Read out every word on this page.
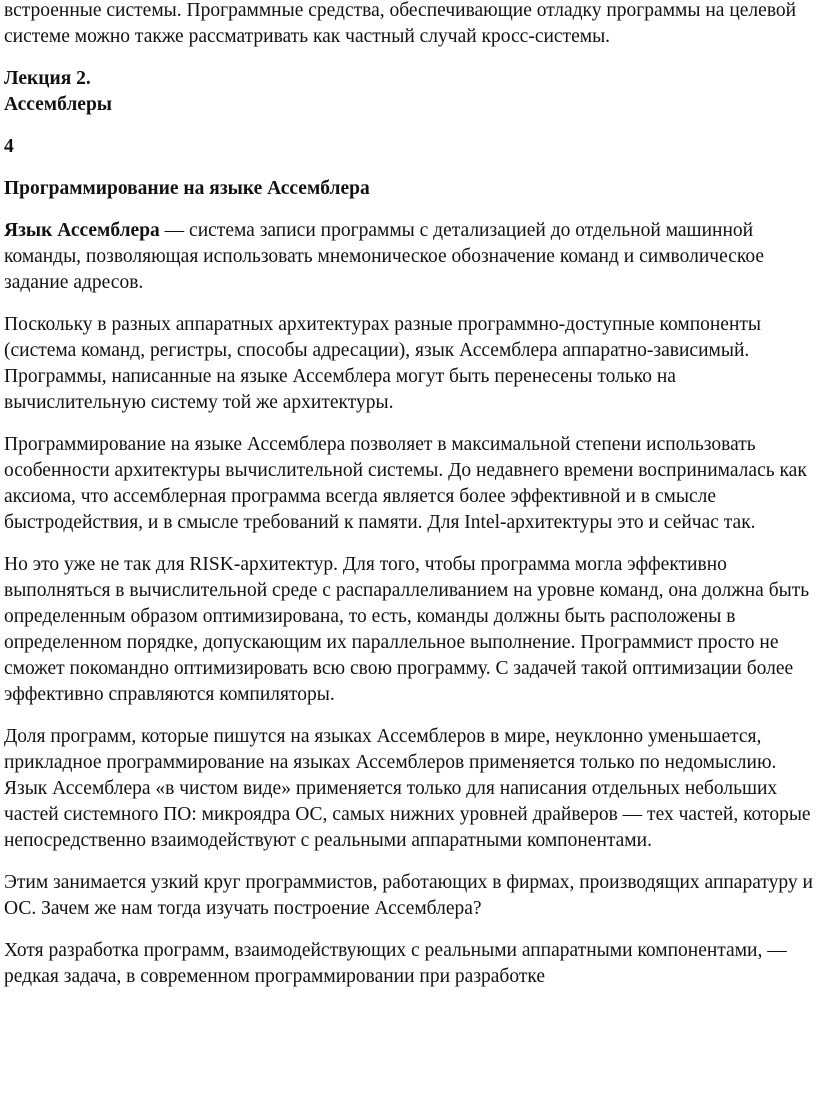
встроенные системы. Программные средства, обеспечивающие отладку программы на целевой системе можно также рассматривать как частный случай кросс-системы.

Лекция 2.
Ассемблеры

4

Программирование на языке Ассемблера

Язык Ассемблера — система записи программы с детализацией до отдельной машинной команды, позволяющая использовать мнемоническое обозначение команд и символическое задание адресов.

Поскольку в разных аппаратных архитектурах разные программно-доступные компоненты (система команд, регистры, способы адресации), язык Ассемблера аппаратно-зависимый. Программы, написанные на языке Ассемблера могут быть перенесены только на вычислительную систему той же архитектуры.

Программирование на языке Ассемблера позволяет в максимальной степени использовать особенности архитектуры вычислительной системы. До недавнего времени воспринималась как аксиома, что ассемблерная программа всегда является более эффективной и в смысле быстродействия, и в смысле требований к памяти. Для Intel-архитектуры это и сейчас так.

Но это уже не так для RISK-архитектур. Для того, чтобы программа могла эффективно выполняться в вычислительной среде с распараллеливанием на уровне команд, она должна быть определенным образом оптимизирована, то есть, команды должны быть расположены в определенном порядке, допускающим их параллельное выполнение. Программист просто не сможет покомандно оптимизировать всю свою программу. С задачей такой оптимизации более эффективно справляются компиляторы.

Доля программ, которые пишутся на языках Ассемблеров в мире, неуклонно уменьшается, прикладное программирование на языках Ассемблеров применяется только по недомыслию. Язык Ассемблера «в чистом виде» применяется только для написания отдельных небольших частей системного ПО: микроядра ОС, самых нижних уровней драйверов — тех частей, которые непосредственно взаимодействуют с реальными аппаратными компонентами.

Этим занимается узкий круг программистов, работающих в фирмах, производящих аппаратуру и ОС. Зачем же нам тогда изучать построение Ассемблера?

Хотя разработка программ, взаимодействующих с реальными аппаратными компонентами, — редкая задача, в современном программировании при разработке
